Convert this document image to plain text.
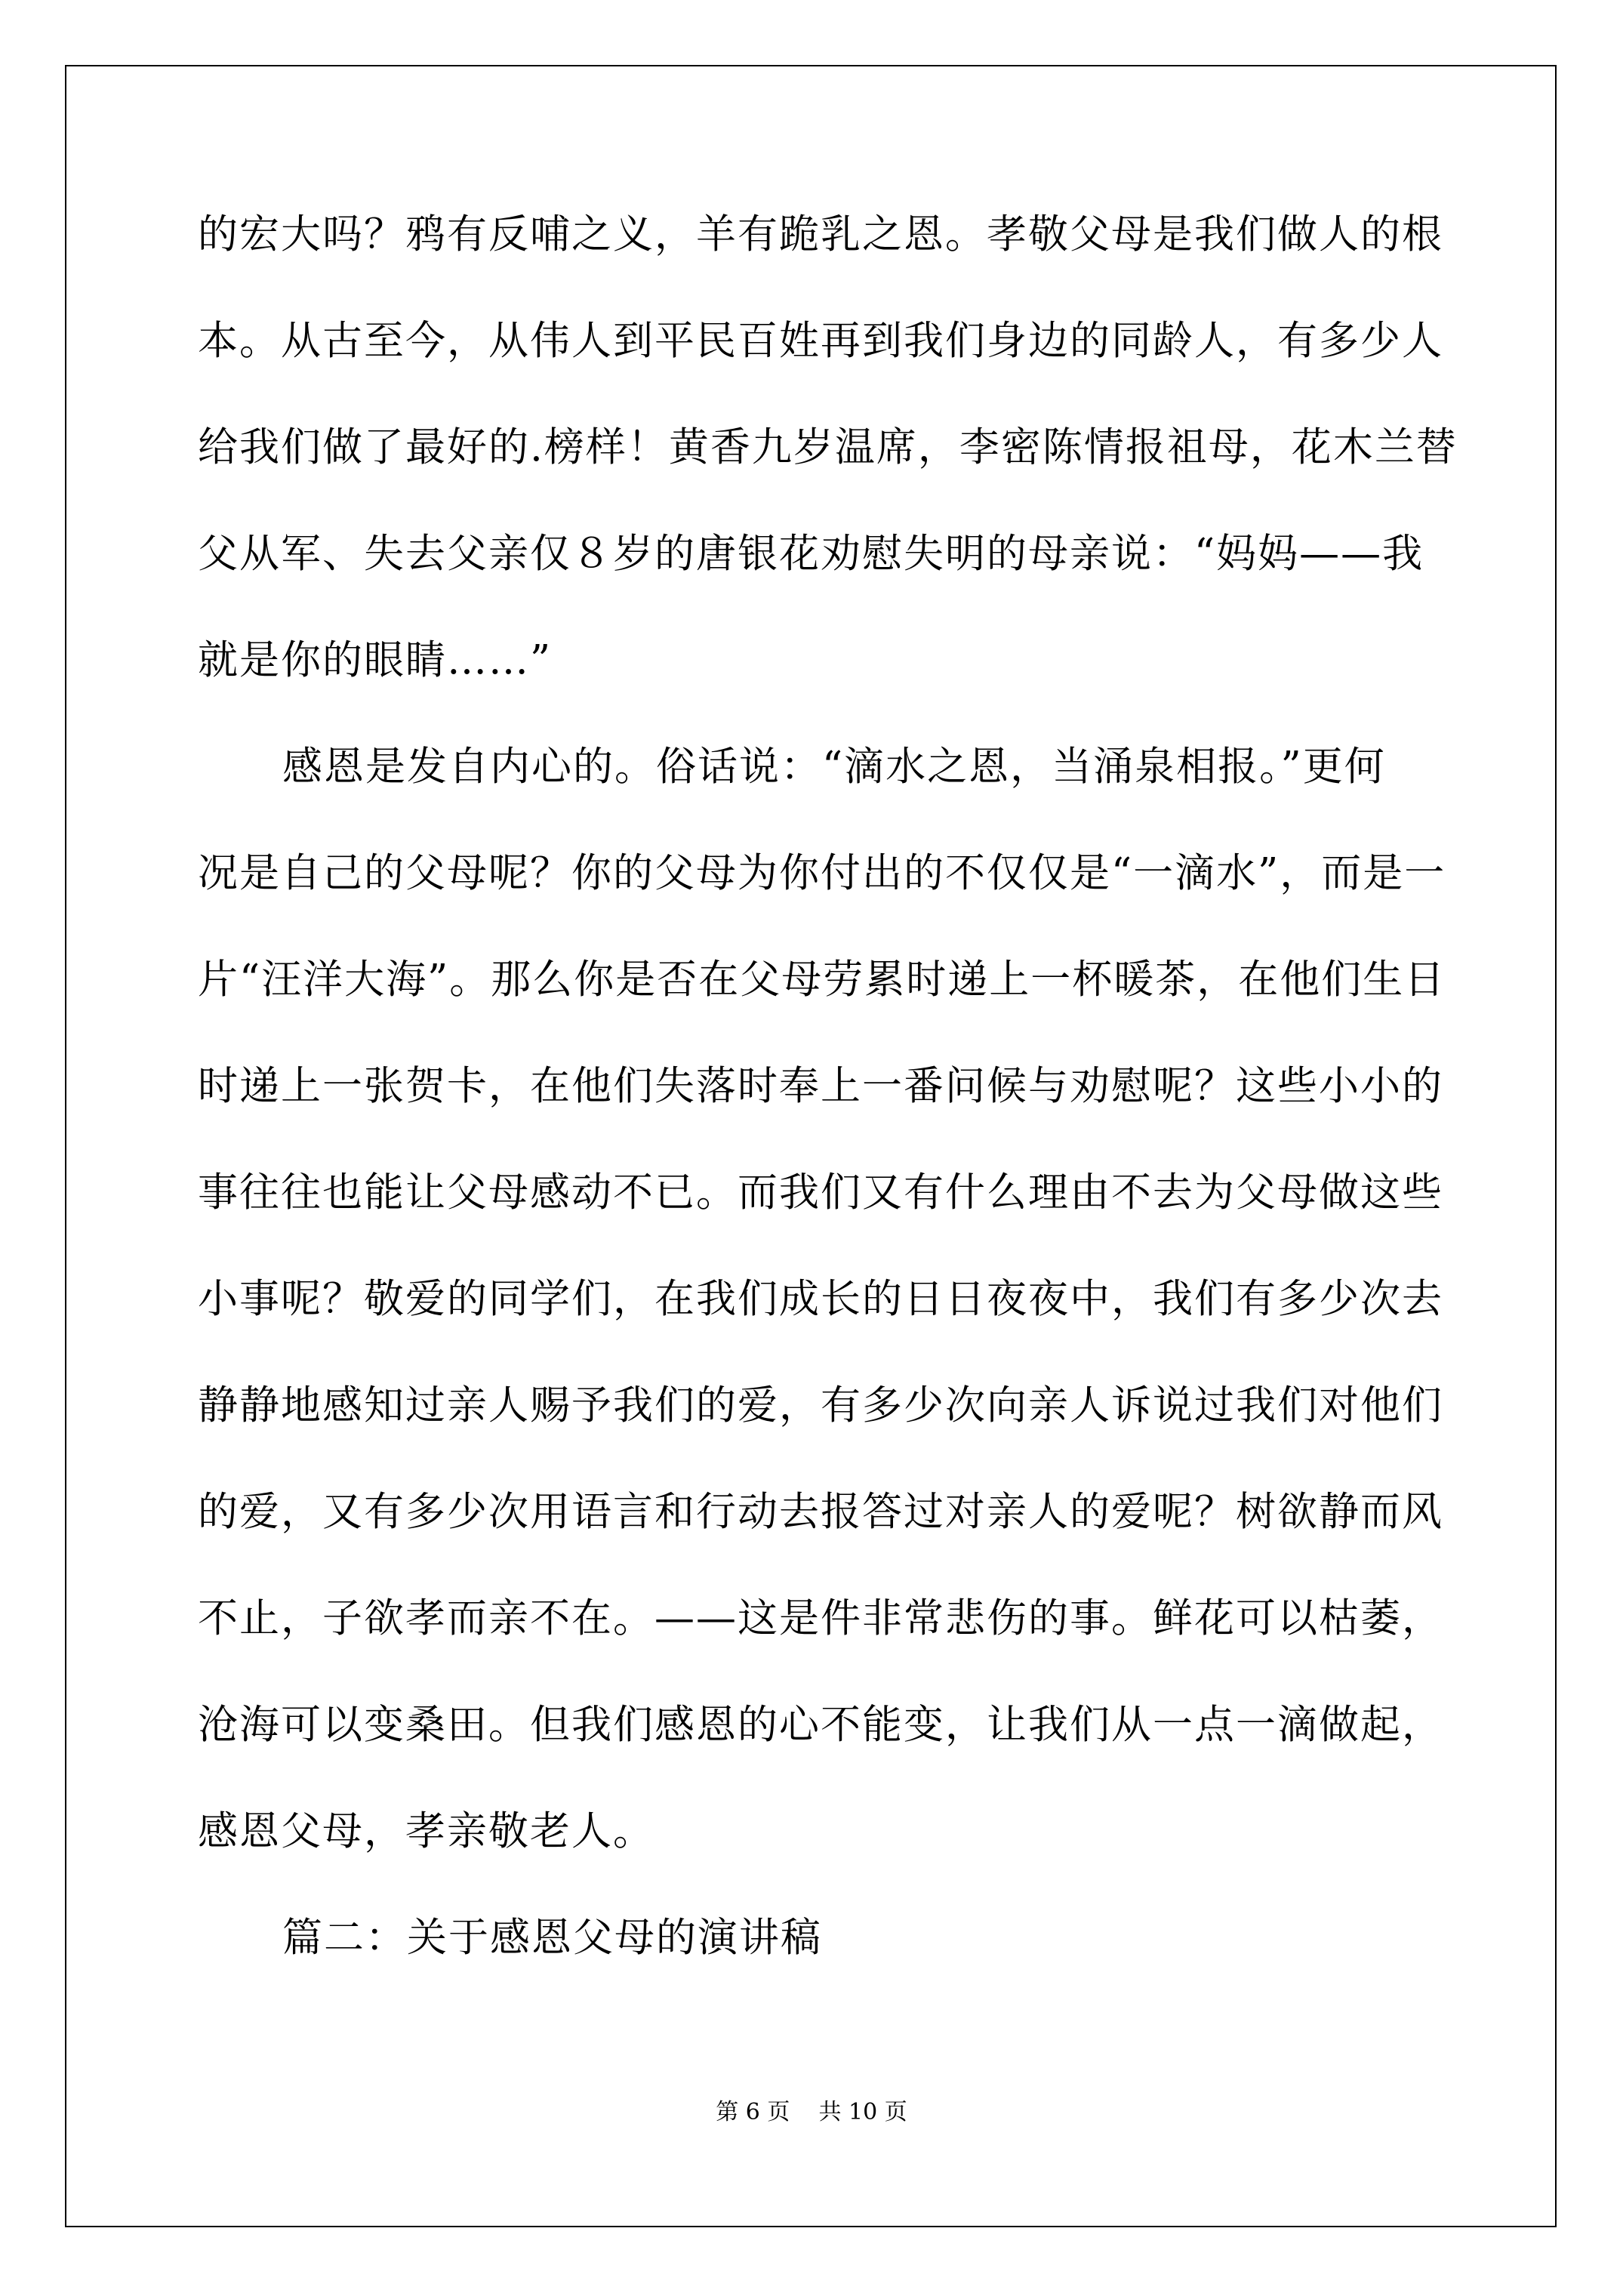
的宏大吗？鸦有反哺之义，羊有跪乳之恩。孝敬父母是我们做人的根
本。从古至今，从伟人到平民百姓再到我们身边的同龄人，有多少人
给我们做了最好的.榜样！黄香九岁温席，李密陈情报祖母，花木兰替
父从军、失去父亲仅８岁的唐银花劝慰失明的母亲说：“妈妈——我
就是你的眼睛……”
感恩是发自内心的。俗话说：“滴水之恩，当涌泉相报。”更何
况是自己的父母呢？你的父母为你付出的不仅仅是“一滴水”，而是一
片“汪洋大海”。那么你是否在父母劳累时递上一杯暖茶，在他们生日
时递上一张贺卡，在他们失落时奉上一番问候与劝慰呢？这些小小的
事往往也能让父母感动不已。而我们又有什么理由不去为父母做这些
小事呢？敬爱的同学们，在我们成长的日日夜夜中，我们有多少次去
静静地感知过亲人赐予我们的爱，有多少次向亲人诉说过我们对他们
的爱，又有多少次用语言和行动去报答过对亲人的爱呢？树欲静而风
不止，子欲孝而亲不在。——这是件非常悲伤的事。鲜花可以枯萎，
沧海可以变桑田。但我们感恩的心不能变，让我们从一点一滴做起，
感恩父母，孝亲敬老人。
篇二：关于感恩父母的演讲稿
第 6 页    共 10 页
